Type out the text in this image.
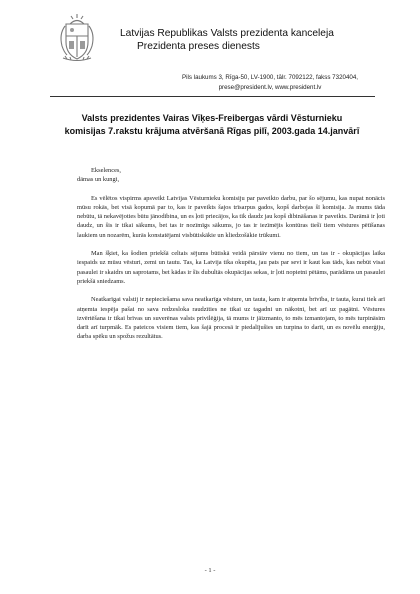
Latvijas Republikas Valsts prezidenta kanceleja
Prezidenta preses dienests
Pils laukums 3, Rīga-50, LV-1900, tālr. 7092122, fakss 7320404,
prese@president.lv, www.president.lv
Valsts prezidentes Vairas Vīķes-Freibergas vārdi Vēsturnieku
komisijas 7.rakstu krājuma atvēršanā Rīgas pilī, 2003.gada 14.janvārī

Ekselences,

dāmas un kungi,

Es vēlētos vispirms apsveikt Latvijas Vēsturnieku komisiju par paveikto darbu, par šo sējumu, kas nupat nonācis mūsu rokās, bet visā kopumā par to, kas ir paveikts šajos trīsarpus gados, kopš darbojas šī komisija. Ja mums tāda nebūtu, tā nekavējoties būtu jānodibina, un es ļoti priecājos, ka tik daudz jau kopš dibināšanas ir paveikts. Darāmā ir ļoti daudz, un šis ir tikai sākums, bet tas ir nozīmīgs sākums, jo tas ir iezīmējis kontūras tiešī tiem vēstures pētīšanas laukiem un nozarēm, kurās konstatējami visbūtiskākie un kliedzošākie trūkumi.

Man šķiet, ka šodien priekšā celtais sējums būtiskā veidā pārstāv vienu no tiem, un tas ir - okupācijas laika iespaids uz mūsu vēsturi, zemi un tautu. Tas, ka Latvija tika okupēta, jau pats par sevi ir kaut kas tāds, kas nebūt visai pasaulei ir skaidrs un saprotams, bet kādas ir šīs dubultās okupācijas sekas, ir ļoti nopietni pētāms, parādāms un pasaulei priekšā sniedzams.

Neatkarīgai valstij ir nepieciešama sava neatkarīga vēsture, un tauta, kam ir atņemta brīvība, ir tauta, kurai tiek arī atņemta iespēja pašai no sava redzesloka raudzīties ne tikai uz tagadni un nākotni, bet arī uz pagātni. Vēstures izvērtēšana ir tikai brīvas un suverēnas valsts privilēģija, tā mums ir jāizmanto, to mēs izmantojam, to mēs turpināsim darīt arī turpmāk. Es pateicos visiem tiem, kas šajā procesā ir piedalījušies un turpina to darīt, un es novēlu enerģiju, darba spēku un spožus rezultātus.

- 1 -
